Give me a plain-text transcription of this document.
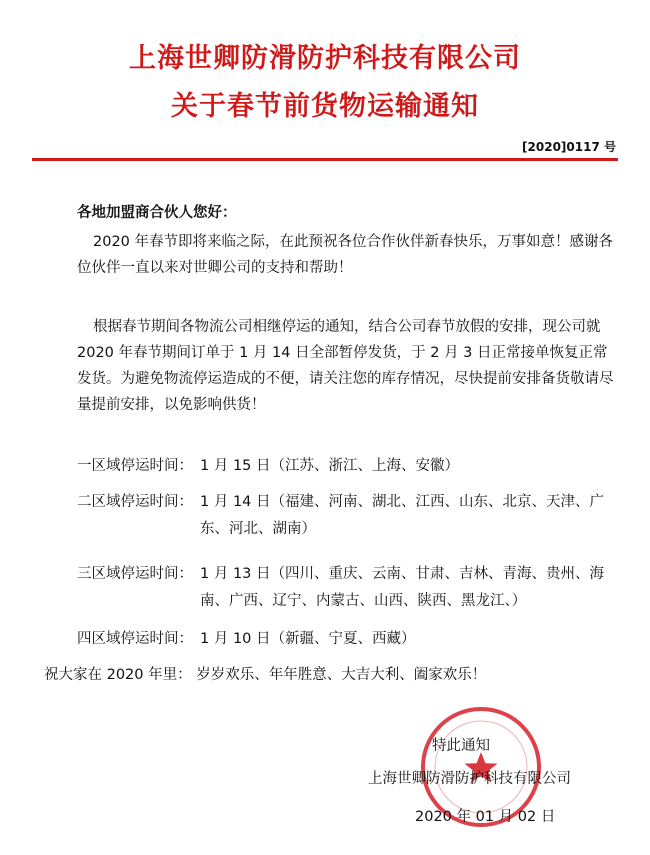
上海世卿防滑防护科技有限公司
关于春节前货物运输通知
[2020]0117 号
各地加盟商合伙人您好：
2020 年春节即将来临之际，在此预祝各位合作伙伴新春快乐，万事如意！感谢各位伙伴一直以来对世卿公司的支持和帮助！
根据春节期间各物流公司相继停运的通知，结合公司春节放假的安排，现公司就 2020 年春节期间订单于 1 月 14 日全部暂停发货，于 2 月 3 日正常接单恢复正常发货。为避免物流停运造成的不便，请关注您的库存情况，尽快提前安排备货敬请尽量提前安排，以免影响供货！
一区域停运时间： 1 月 15 日（江苏、浙江、上海、安徽）
二区域停运时间： 1 月 14 日（福建、河南、湖北、江西、山东、北京、天津、广东、河北、湖南）
三区域停运时间： 1 月 13 日（四川、重庆、云南、甘肃、吉林、青海、贵州、海南、广西、辽宁、内蒙古、山西、陕西、黑龙江、）
四区域停运时间： 1 月 10 日（新疆、宁夏、西藏）
祝大家在 2020 年里： 岁岁欢乐、年年胜意、大吉大利、阖家欢乐！
特此通知
上海世卿防滑防护科技有限公司
2020 年 01 月 02 日
